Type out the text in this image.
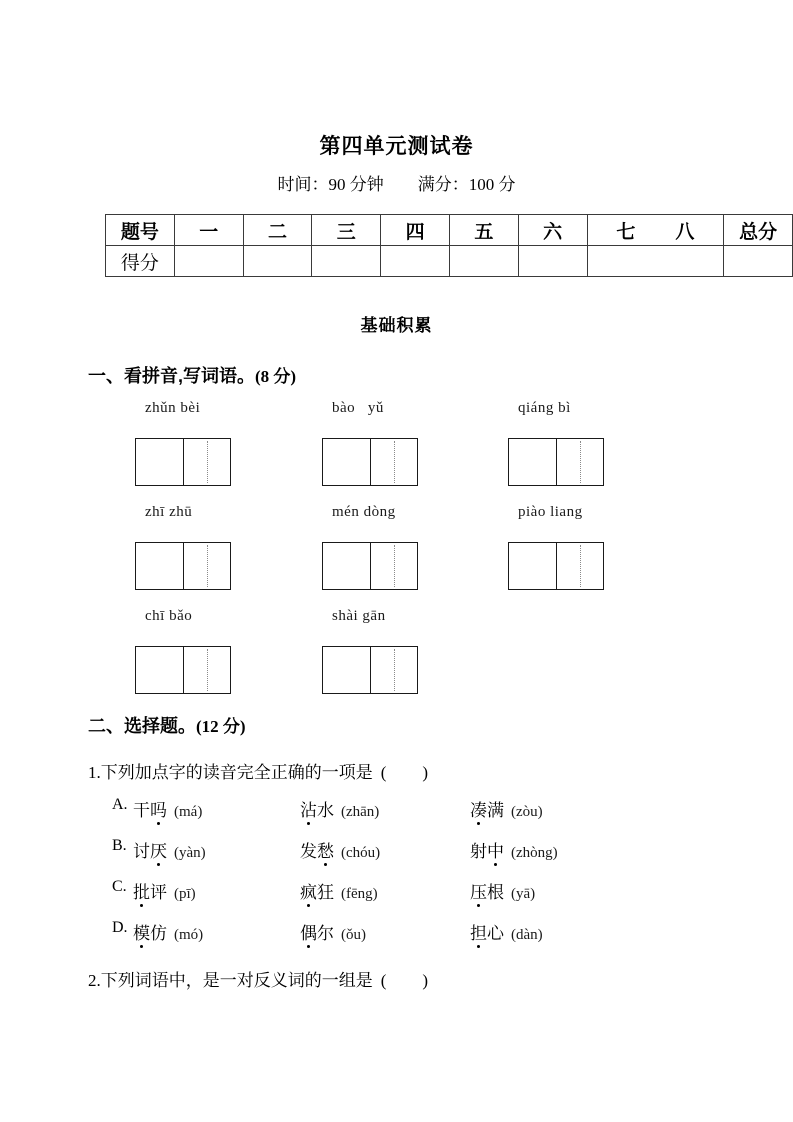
第四单元测试卷
时间：90 分钟 满分：100 分
题号	一	二	三	四	五	六	七 八	总分
得分								
基础积累
一、看拼音,写词语。(8 分)
zhǔn bèi	bào   yǔ	qiáng bì
zhī zhū	mén dòng	piào liang
chī bǎo	shài gān
二、选择题。(12 分)
1.下列加点字的读音完全正确的一项是 ( )
A. 干吗 (má)	沾水 (zhān)	凑满 (zòu)
B. 讨厌 (yàn)	发愁 (chóu)	射中 (zhòng)
C. 批评 (pī)	疯狂 (fēng)	压根 (yā)
D. 模仿 (mó)	偶尔 (ǒu)	担心 (dàn)
2.下列词语中，是一对反义词的一组是 ( )
